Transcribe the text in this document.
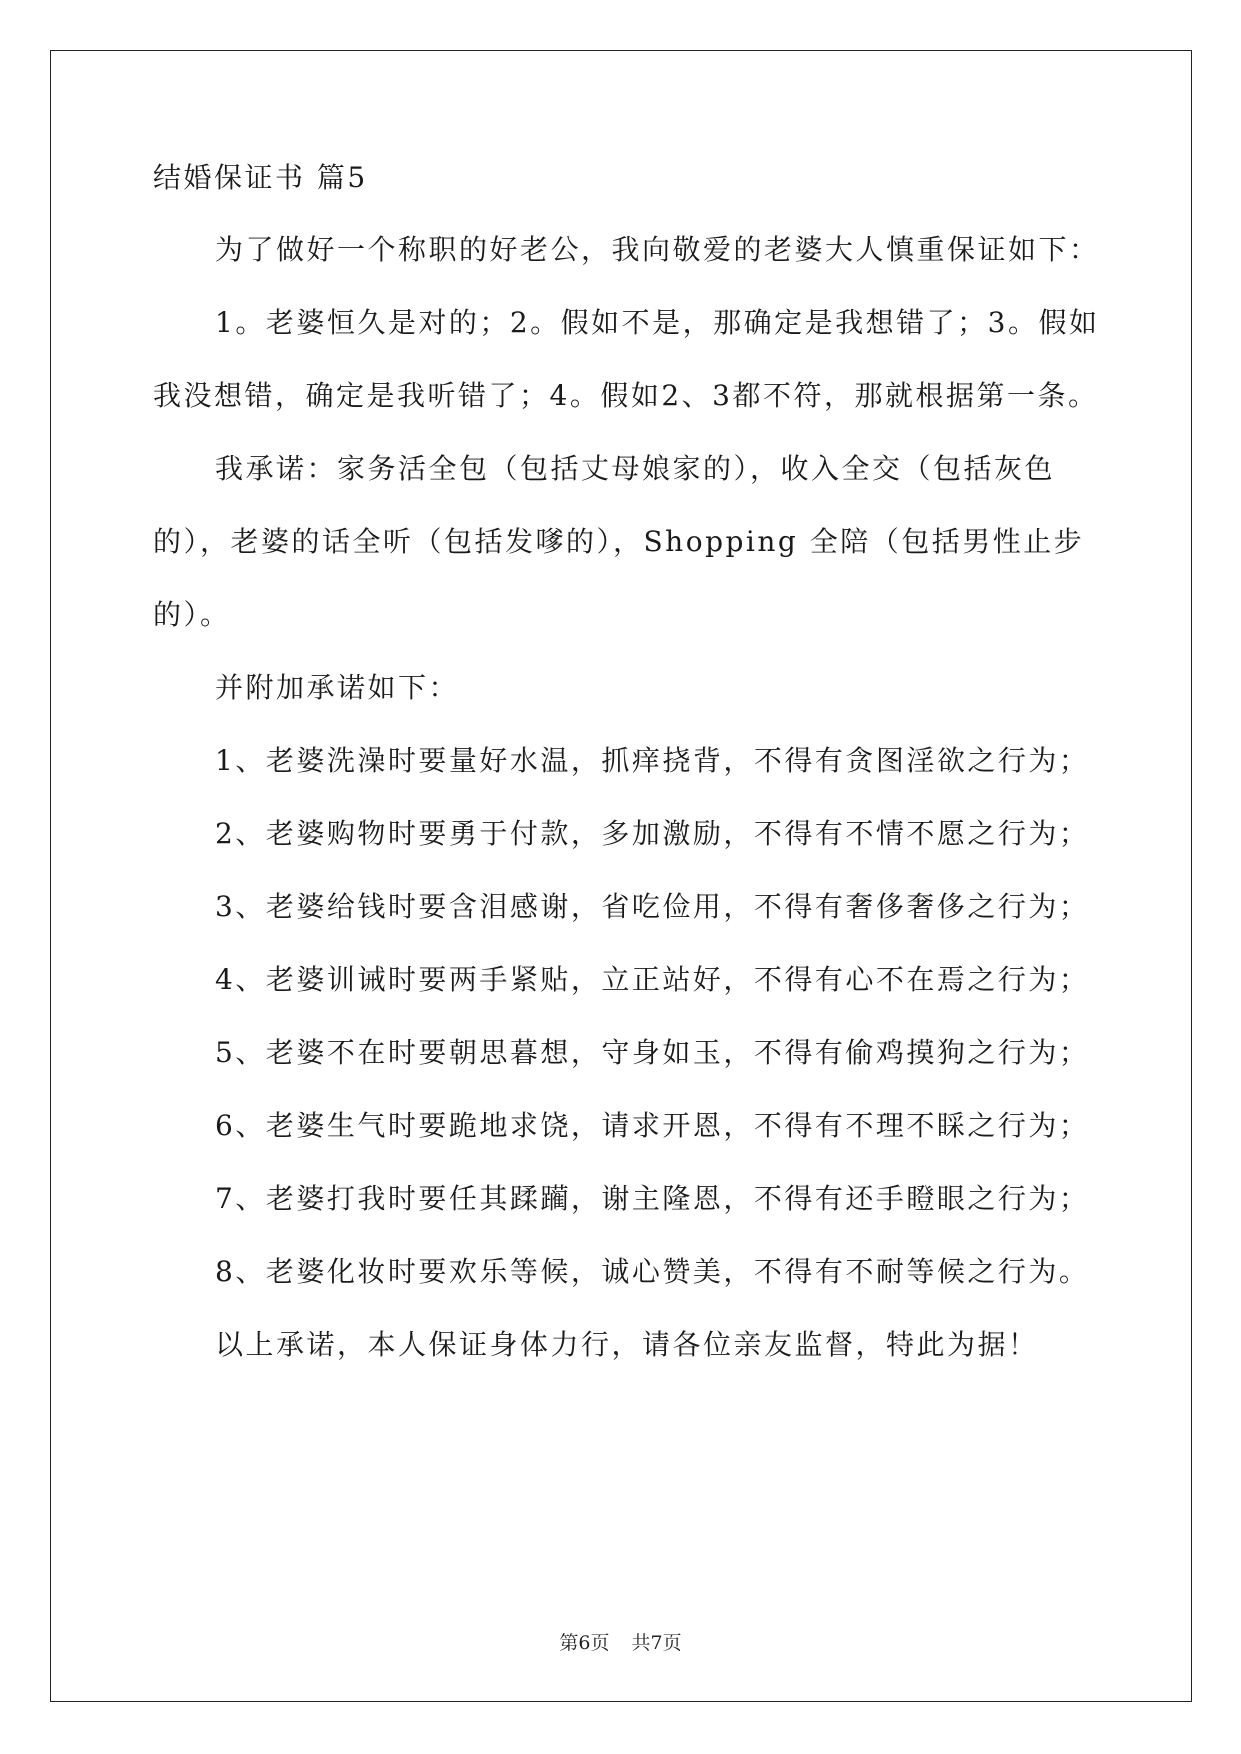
结婚保证书 篇5
为了做好一个称职的好老公，我向敬爱的老婆大人慎重保证如下：
1。老婆恒久是对的；2。假如不是，那确定是我想错了；3。假如
我没想错，确定是我听错了；4。假如2、3都不符，那就根据第一条。
我承诺：家务活全包（包括丈母娘家的），收入全交（包括灰色
的），老婆的话全听（包括发嗲的），Shopping 全陪（包括男性止步
的）。
并附加承诺如下：
1、老婆洗澡时要量好水温，抓痒挠背，不得有贪图淫欲之行为；
2、老婆购物时要勇于付款，多加激励，不得有不情不愿之行为；
3、老婆给钱时要含泪感谢，省吃俭用，不得有奢侈奢侈之行为；
4、老婆训诫时要两手紧贴，立正站好，不得有心不在焉之行为；
5、老婆不在时要朝思暮想，守身如玉，不得有偷鸡摸狗之行为；
6、老婆生气时要跪地求饶，请求开恩，不得有不理不睬之行为；
7、老婆打我时要任其蹂躏，谢主隆恩，不得有还手瞪眼之行为；
8、老婆化妆时要欢乐等候，诚心赞美，不得有不耐等候之行为。
以上承诺，本人保证身体力行，请各位亲友监督，特此为据！
第6页 共7页
